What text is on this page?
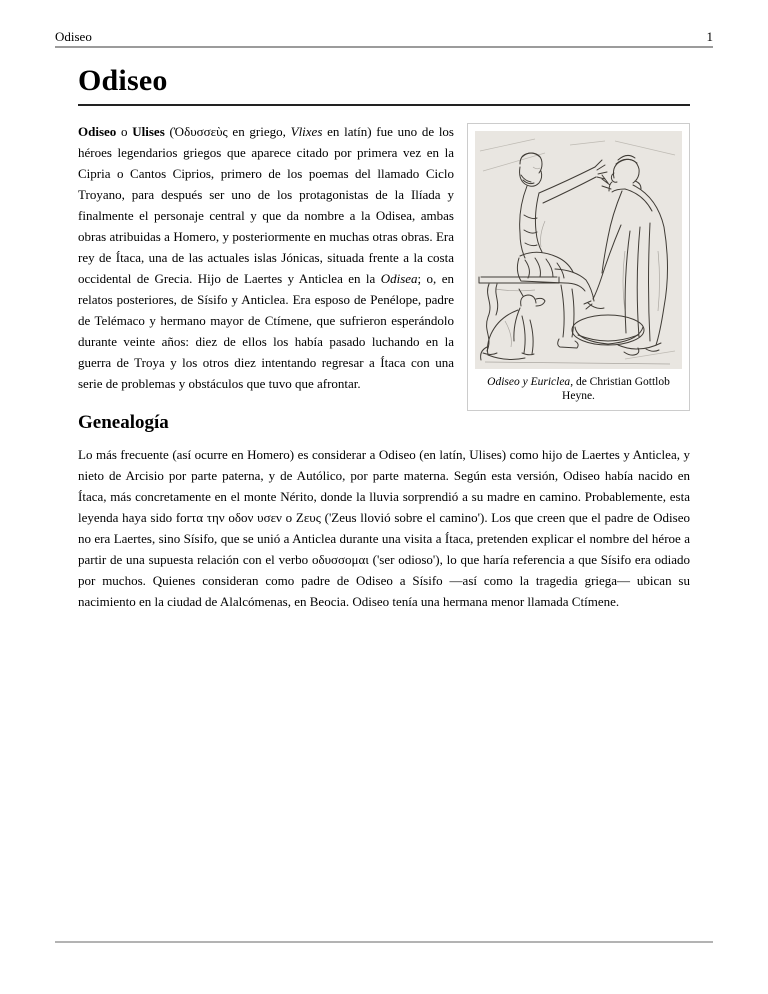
Odiseo	1
Odiseo
Odiseo y Euriclea, de Christian Gottlob Heyne.

Odiseo o Ulises (Ὀδυσσεὺς en griego, Vlixes en latín) fue uno de los héroes legendarios griegos que aparece citado por primera vez en la Cipria o Cantos Ciprios, primero de los poemas del llamado Ciclo Troyano, para después ser uno de los protagonistas de la Ilíada y finalmente el personaje central y que da nombre a la Odisea, ambas obras atribuidas a Homero, y posteriormente en muchas otras obras. Era rey de Ítaca, una de las actuales islas Jónicas, situada frente a la costa occidental de Grecia. Hijo de Laertes y Anticlea en la Odisea; o, en relatos posteriores, de Sísifo y Anticlea. Era esposo de Penélope, padre de Telémaco y hermano mayor de Ctímene, que sufrieron esperándolo durante veinte años: diez de ellos los había pasado luchando en la guerra de Troya y los otros diez intentando regresar a Ítaca con una serie de problemas y obstáculos que tuvo que afrontar.

Genealogía

Lo más frecuente (así ocurre en Homero) es considerar a Odiseo (en latín, Ulises) como hijo de Laertes y Anticlea, y nieto de Arcisio por parte paterna, y de Autólico, por parte materna. Según esta versión, Odiseo había nacido en Ítaca, más concretamente en el monte Nérito, donde la lluvia sorprendió a su madre en camino. Probablemente, esta leyenda haya sido forτα την οδον υσεν ο Ζευς ('Zeus llovió sobre el camino'). Los que creen que el padre de Odiseo no era Laertes, sino Sísifo, que se unió a Anticlea durante una visita a Ítaca, pretenden explicar el nombre del héroe a partir de una supuesta relación con el verbo οδυσσομαι ('ser odioso'), lo que haría referencia a que Sísifo era odiado por muchos. Quienes consideran como padre de Odiseo a Sísifo —así como la tragedia griega— ubican su nacimiento en la ciudad de Alalcómenas, en Beocia. Odiseo tenía una hermana menor llamada Ctímene.
